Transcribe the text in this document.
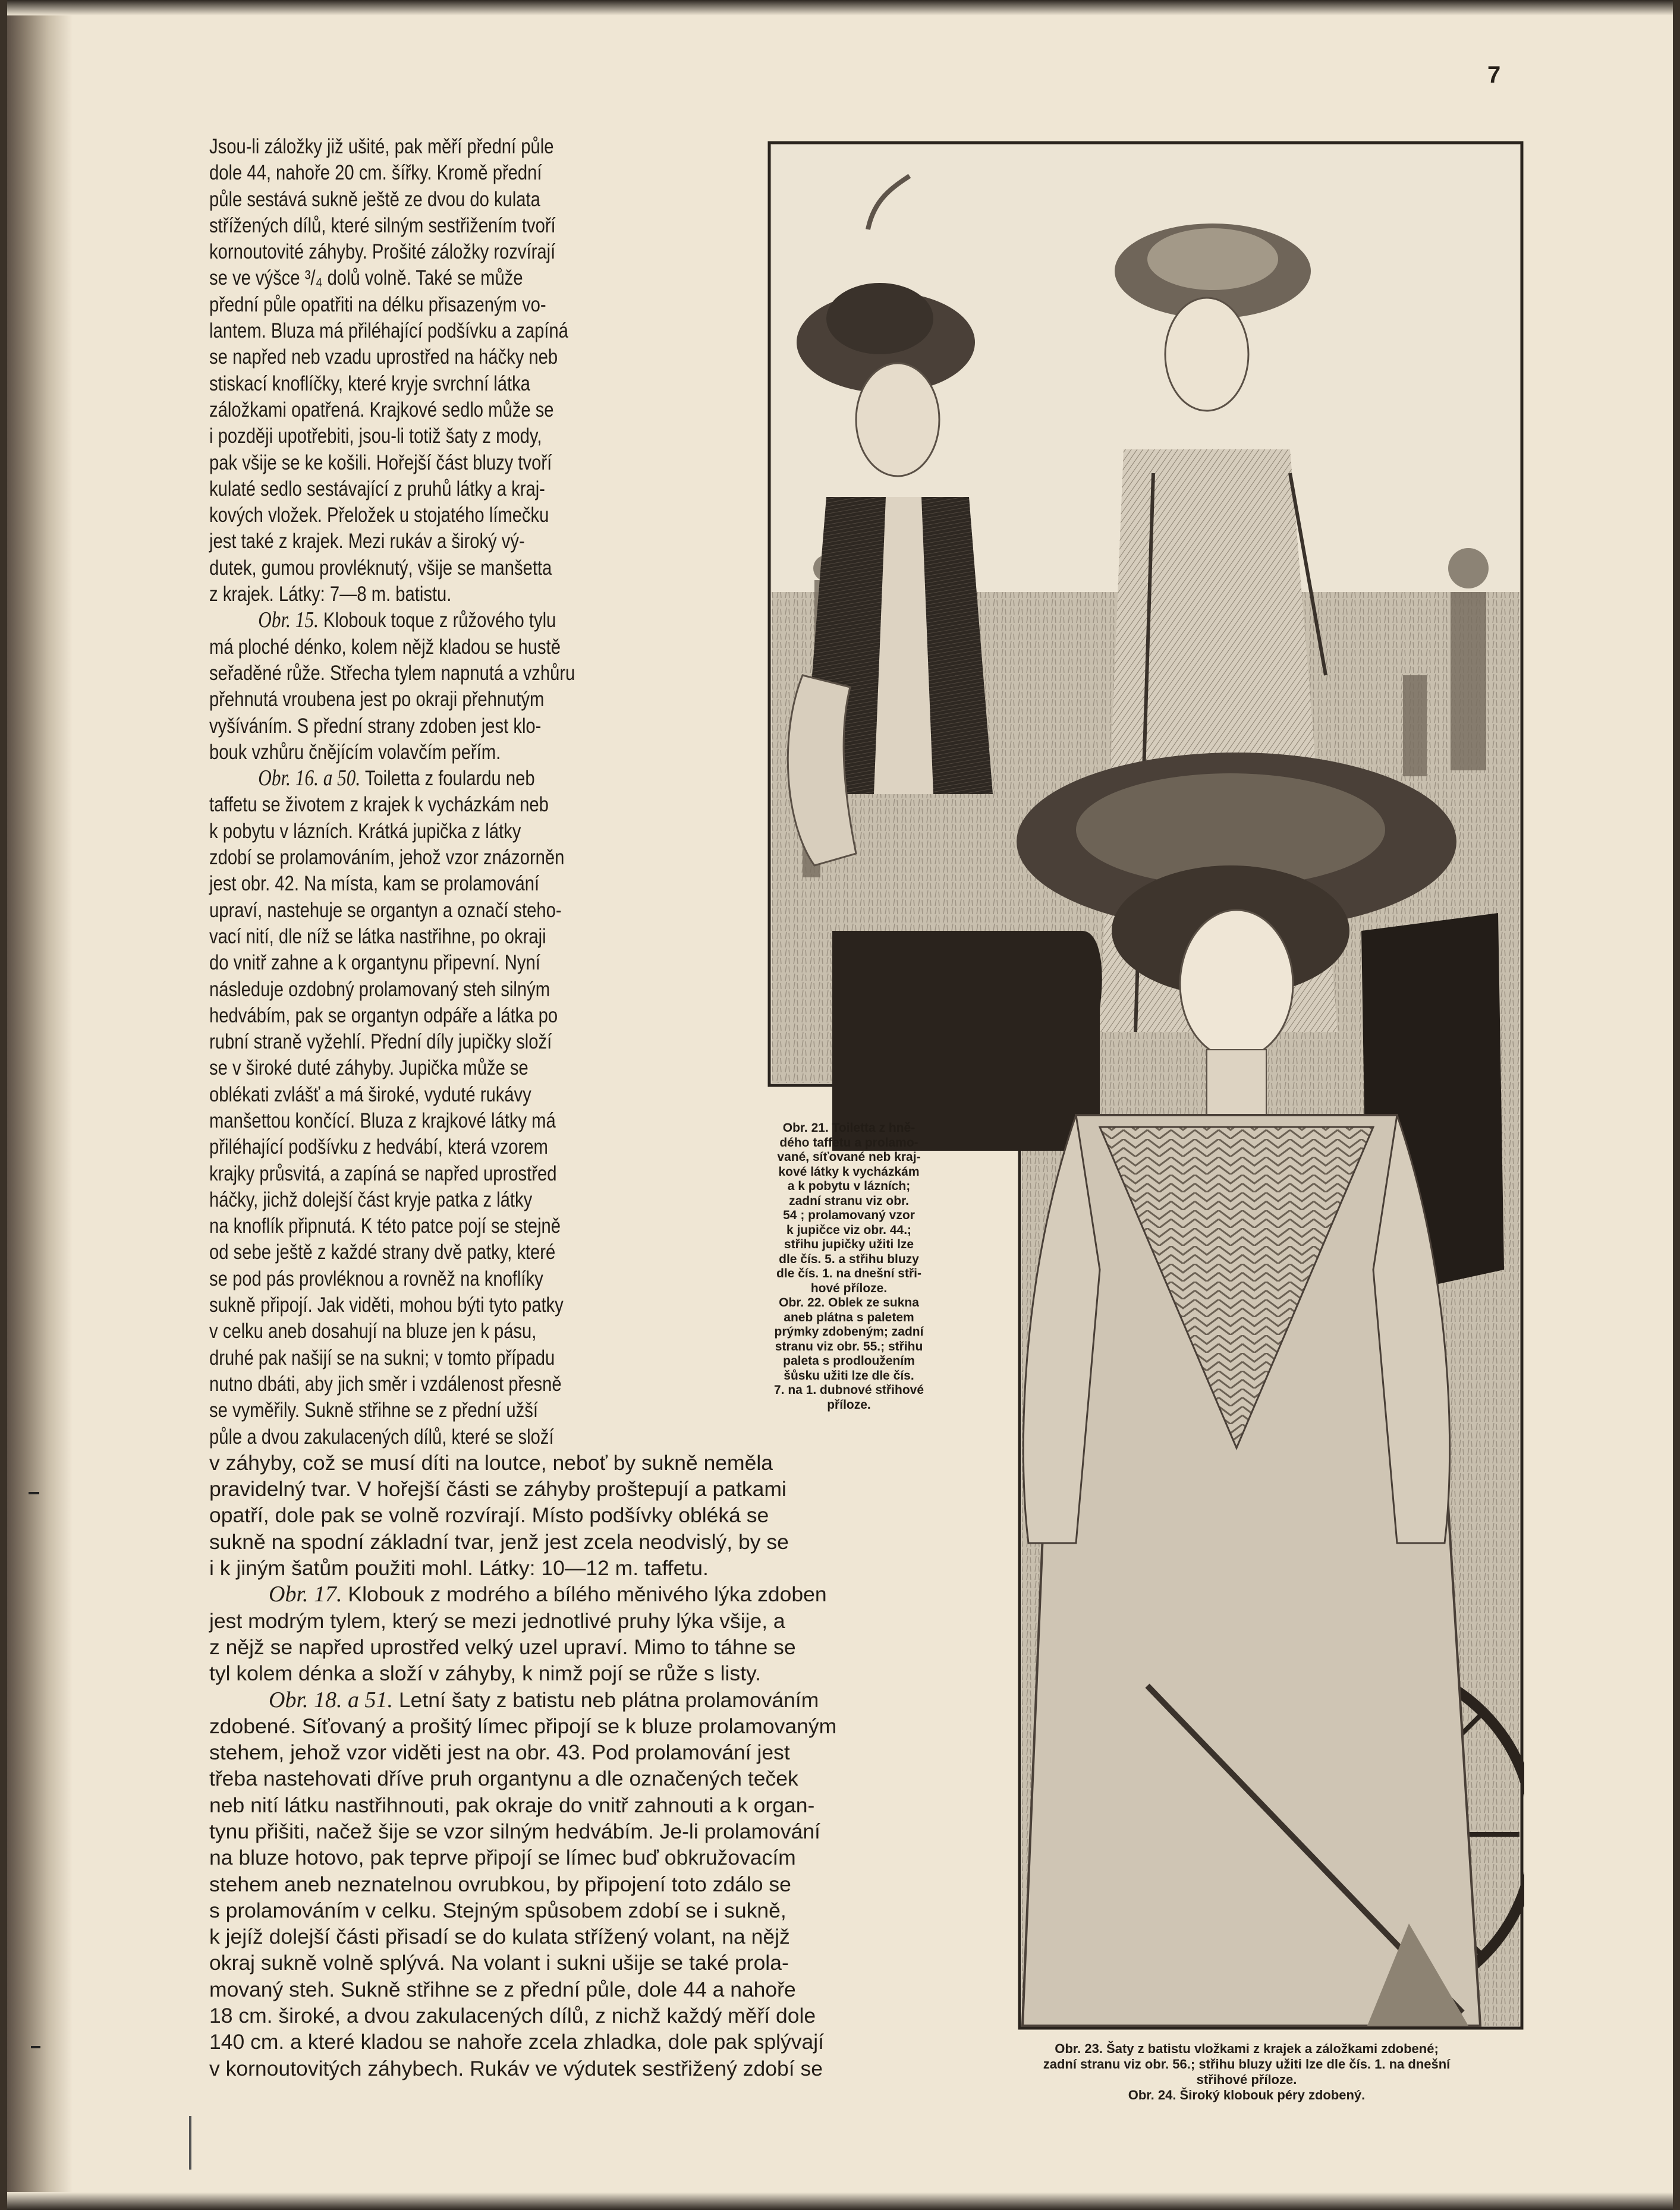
7
Jsou-li záložky již ušité, pak měří přední půle
dole 44, nahoře 20 cm. šířky. Kromě přední
půle sestává sukně ještě ze dvou do kulata
střížených dílů, které silným sestřižením tvoří
kornoutovité záhyby. Prošité záložky rozvírají
se ve výšce ³/₄ dolů volně. Také se může
přední půle opatřiti na délku přisazeným vo-
lantem. Bluza má přiléhající podšívku a zapíná
se napřed neb vzadu uprostřed na háčky neb
stiskací knoflíčky, které kryje svrchní látka
záložkami opatřená. Krajkové sedlo může se
i později upotřebiti, jsou-li totiž šaty z mody,
pak všije se ke košili. Hořejší část bluzy tvoří
kulaté sedlo sestávající z pruhů látky a kraj-
kových vložek. Přeložek u stojatého límečku
jest také z krajek. Mezi rukáv a široký vý-
dutek, gumou provléknutý, všije se manšetta
z krajek. Látky: 7—8 m. batistu.
Obr. 15. Klobouk toque z růžového tylu
má ploché dénko, kolem nějž kladou se hustě
seřaděné růže. Střecha tylem napnutá a vzhůru
přehnutá vroubena jest po okraji přehnutým
vyšíváním. S přední strany zdoben jest klo-
bouk vzhůru čnějícím volavčím peřím.
Obr. 16. a 50. Toiletta z foulardu neb
taffetu se životem z krajek k vycházkám neb
k pobytu v lázních. Krátká jupička z látky
zdobí se prolamováním, jehož vzor znázorněn
jest obr. 42. Na místa, kam se prolamování
upraví, nastehuje se organtyn a označí steho-
vací nití, dle níž se látka nastřihne, po okraji
do vnitř zahne a k organtynu připevní. Nyní
následuje ozdobný prolamovaný steh silným
hedvábím, pak se organtyn odpáře a látka po
rubní straně vyžehlí. Přední díly jupičky složí
se v široké duté záhyby. Jupička může se
oblékati zvlášť a má široké, vyduté rukávy
manšettou končící. Bluza z krajkové látky má
přiléhající podšívku z hedvábí, která vzorem
krajky průsvitá, a zapíná se napřed uprostřed
háčky, jichž dolejší část kryje patka z látky
na knoflík připnutá. K této patce pojí se stejně
od sebe ještě z každé strany dvě patky, které
se pod pás provléknou a rovněž na knoflíky
sukně připojí. Jak viděti, mohou býti tyto patky
v celku aneb dosahují na bluze jen k pásu,
druhé pak našijí se na sukni; v tomto případu
nutno dbáti, aby jich směr i vzdálenost přesně
se vyměřily. Sukně střihne se z přední užší
půle a dvou zakulacených dílů, které se složí
v záhyby, což se musí díti na loutce, neboť by sukně neměla
pravidelný tvar. V hořejší části se záhyby proštepují a patkami
opatří, dole pak se volně rozvírají. Místo podšívky obléká se
sukně na spodní základní tvar, jenž jest zcela neodvislý, by se
i k jiným šatům použiti mohl. Látky: 10—12 m. taffetu.
Obr. 17. Klobouk z modrého a bílého měnivého lýka zdoben
jest modrým tylem, který se mezi jednotlivé pruhy lýka všije, a
z nějž se napřed uprostřed velký uzel upraví. Mimo to táhne se
tyl kolem dénka a složí v záhyby, k nimž pojí se růže s listy.
Obr. 18. a 51. Letní šaty z batistu neb plátna prolamováním
zdobené. Síťovaný a prošitý límec připojí se k bluze prolamovaným
stehem, jehož vzor viděti jest na obr. 43. Pod prolamování jest
třeba nastehovati dříve pruh organtynu a dle označených teček
neb nití látku nastřihnouti, pak okraje do vnitř zahnouti a k organ-
tynu přišiti, načež šije se vzor silným hedvábím. Je-li prolamování
na bluze hotovo, pak teprve připojí se límec buď obkružovacím
stehem aneb neznatelnou ovrubkou, by připojení toto zdálo se
s prolamováním v celku. Stejným spůsobem zdobí se i sukně,
k jejíž dolejší části přisadí se do kulata střížený volant, na nějž
okraj sukně volně splývá. Na volant i sukni ušije se také prola-
movaný steh. Sukně střihne se z přední půle, dole 44 a nahoře
18 cm. široké, a dvou zakulacených dílů, z nichž každý měří dole
140 cm. a které kladou se nahoře zcela zhladka, dole pak splývají
v kornoutovitých záhybech. Rukáv ve výdutek sestřižený zdobí se
Obr. 21. Toiletta z hně-
dého taffetu a prolamo-
vané, síťované neb kraj-
kové látky k vycházkám
a k pobytu v lázních;
zadní stranu viz obr.
54 ; prolamovaný vzor
k jupičce viz obr. 44.;
střihu jupičky užiti lze
dle čís. 5. a střihu bluzy
dle čís. 1. na dnešní stři-
hové příloze.
Obr. 22. Oblek ze sukna
aneb plátna s paletem
prýmky zdobeným; zadní
stranu viz obr. 55.; střihu
paleta s prodloužením
šůsku užiti lze dle čís.
7. na 1. dubnové střihové
příloze.
Obr. 23. Šaty z batistu vložkami z krajek a záložkami zdobené;
zadní stranu viz obr. 56.; střihu bluzy užiti lze dle čís. 1. na dnešní
střihové příloze.
Obr. 24. Široký klobouk péry zdobený.
